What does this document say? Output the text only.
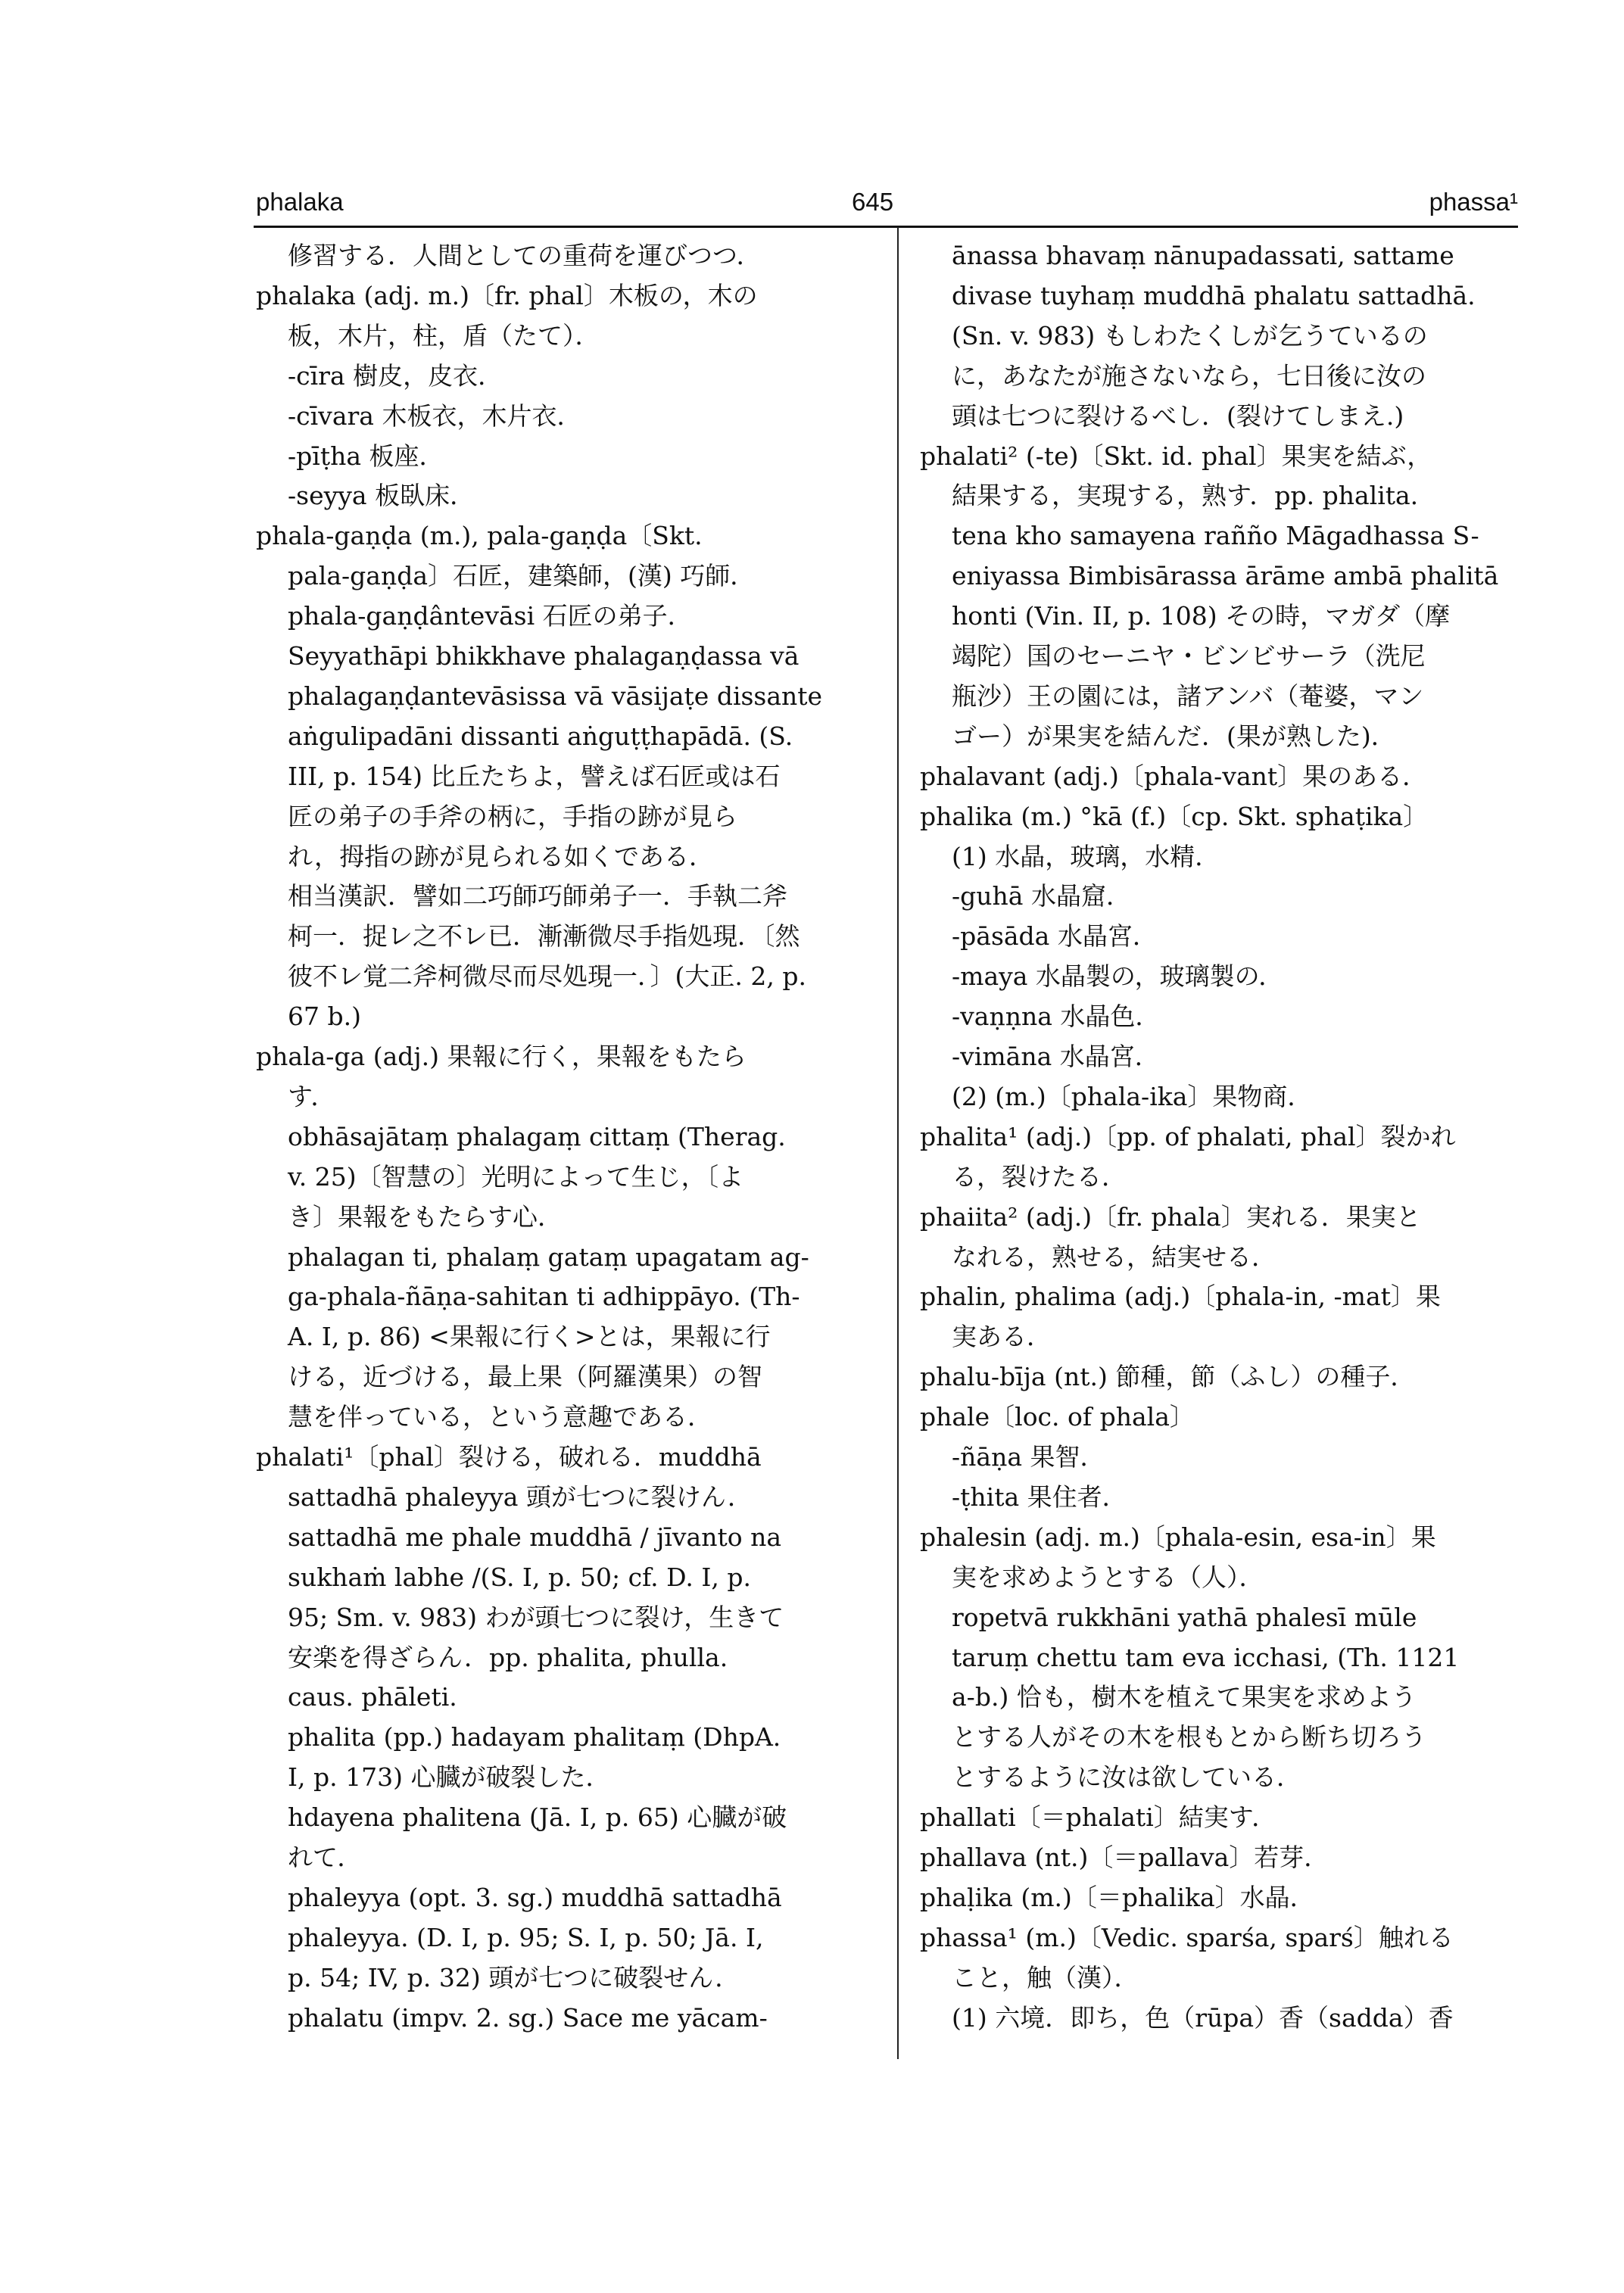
phalaka	645	phassa¹
修習する．人間としての重荷を運びつつ．
phalaka (adj. m.)〔fr. phal〕木板の，木の
板，木片，柱，盾（たて）．
-cīra 樹皮，皮衣．
-cīvara 木板衣，木片衣．
-pīṭha 板座．
-seyya 板臥床．
phala-gaṇḍa (m.), pala-gaṇḍa〔Skt.
pala-gaṇḍa〕石匠，建築師，(漢) 巧師．
phala-gaṇḍântevāsi 石匠の弟子．
Seyyathāpi bhikkhave phalagaṇḍassa vā
phalagaṇḍantevāsissa vā vāsijaṭe dissante
aṅgulipadāni dissanti aṅguṭṭhapādā. (S.
III, p. 154) 比丘たちよ，譬えば石匠或は石
匠の弟子の手斧の柄に，手指の跡が見ら
れ，拇指の跡が見られる如くである．
相当漢訳．譬如二巧師巧師弟子一．手執二斧
柯一．捉レ之不レ已．漸漸微尽手指処現．〔然
彼不レ覚二斧柯微尽而尽処現一．〕(大正. 2, p.
67 b.)
phala-ga (adj.) 果報に行く，果報をもたら
す．
obhāsajātaṃ phalagaṃ cittaṃ (Therag.
v. 25)〔智慧の〕光明によって生じ，〔よ
き〕果報をもたらす心．
phalagan ti, phalaṃ gataṃ upagatam ag-
ga-phala-ñāṇa-sahitan ti adhippāyo. (Th-
A. I, p. 86) <果報に行く>とは，果報に行
ける，近づける，最上果（阿羅漢果）の智
慧を伴っている，という意趣である．
phalati¹〔phal〕裂ける，破れる．muddhā
sattadhā phaleyya 頭が七つに裂けん．
sattadhā me phale muddhā / jīvanto na
sukhaṁ labhe /(S. I, p. 50; cf. D. I, p.
95; Sm. v. 983) わが頭七つに裂け，生きて
安楽を得ざらん．pp. phalita, phulla.
caus. phāleti.
phalita (pp.) hadayam phalitaṃ (DhpA.
I, p. 173) 心臓が破裂した．
hdayena phalitena (Jā. I, p. 65) 心臓が破
れて．
phaleyya (opt. 3. sg.) muddhā sattadhā
phaleyya. (D. I, p. 95; S. I, p. 50; Jā. I,
p. 54; IV, p. 32) 頭が七つに破裂せん．
phalatu (impv. 2. sg.) Sace me yācam-
ānassa bhavaṃ nānupadassati, sattame
divase tuyhaṃ muddhā phalatu sattadhā.
(Sn. v. 983) もしわたくしが乞うているの
に，あなたが施さないなら，七日後に汝の
頭は七つに裂けるべし．(裂けてしまえ.)
phalati² (-te)〔Skt. id. phal〕果実を結ぶ，
結果する，実現する，熟す．pp. phalita.
tena kho samayena rañño Māgadhassa S-
eniyassa Bimbisārassa ārāme ambā phalitā
honti (Vin. II, p. 108) その時，マガダ（摩
竭陀）国のセーニヤ・ビンビサーラ（洗尼
瓶沙）王の園には，諸アンバ（菴婆，マン
ゴー）が果実を結んだ．(果が熟した)．
phalavant (adj.)〔phala-vant〕果のある．
phalika (m.) °kā (f.)〔cp. Skt. sphaṭika〕
(1) 水晶，玻璃，水精．
-guhā 水晶窟．
-pāsāda 水晶宮．
-maya 水晶製の，玻璃製の．
-vaṇṇna 水晶色．
-vimāna 水晶宮．
(2) (m.)〔phala-ika〕果物商．
phalita¹ (adj.)〔pp. of phalati, phal〕裂かれ
る，裂けたる．
phaiita² (adj.)〔fr. phala〕実れる．果実と
なれる，熟せる，結実せる．
phalin, phalima (adj.)〔phala-in, -mat〕果
実ある．
phalu-bīja (nt.) 節種，節（ふし）の種子．
phale〔loc. of phala〕
-ñāṇa 果智．
-ṭhita 果住者．
phalesin (adj. m.)〔phala-esin, esa-in〕果
実を求めようとする（人）．
ropetvā rukkhāni yathā phalesī mūle
taruṃ chettu tam eva icchasi, (Th. 1121
a-b.) 恰も，樹木を植えて果実を求めよう
とする人がその木を根もとから断ち切ろう
とするように汝は欲している．
phallati〔＝phalati〕結実す．
phallava (nt.)〔＝pallava〕若芽．
phaḷika (m.)〔＝phalika〕水晶．
phassa¹ (m.)〔Vedic. sparśa, sparś〕触れる
こと，触（漢）．
(1) 六境．即ち，色（rūpa）香（sadda）香
